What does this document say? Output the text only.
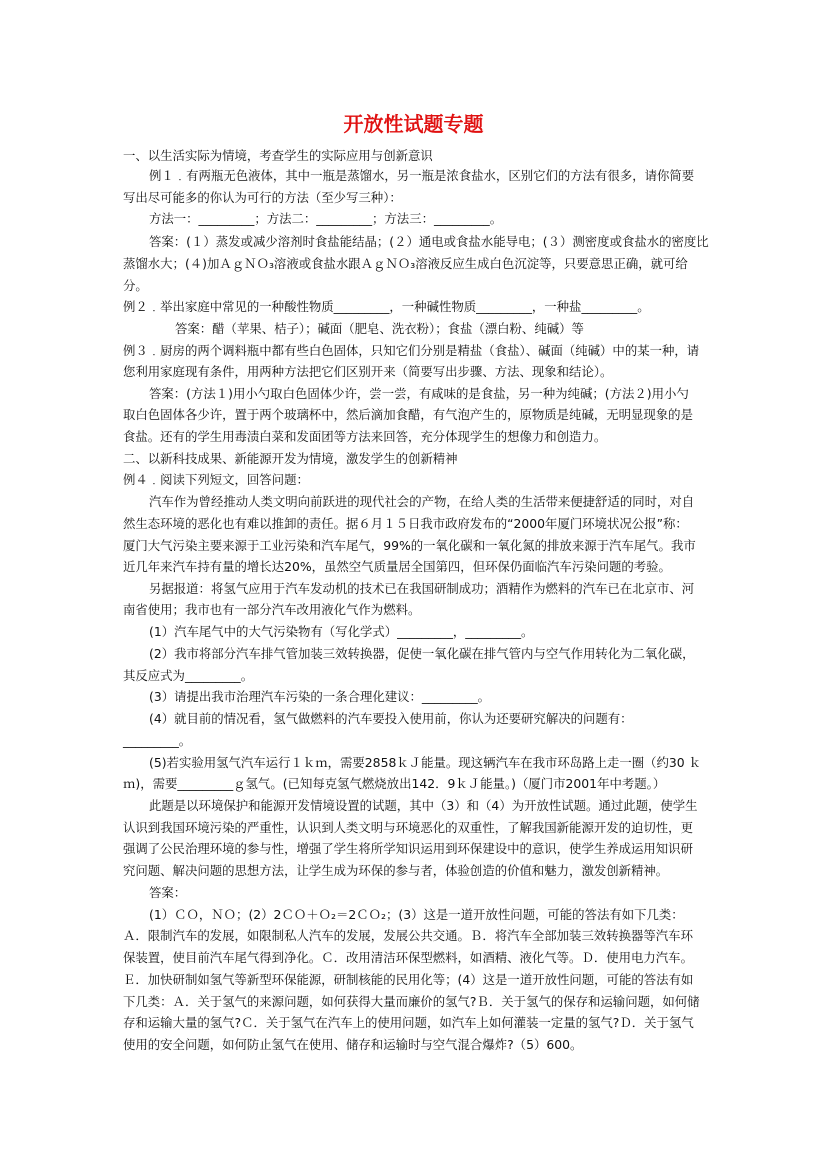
开放性试题专题
一、以生活实际为情境，考查学生的实际应用与创新意识
例１﹒有两瓶无色液体，其中一瓶是蒸馏水，另一瓶是浓食盐水，区别它们的方法有很多，请你简要
写出尽可能多的你认为可行的方法（至少写三种）：
方法一：_________；方法二：_________；方法三：_________。
答案：(１）蒸发或减少溶剂时食盐能结晶；(２）通电或食盐水能导电；(３）测密度或食盐水的密度比
蒸馏水大；(４)加ＡｇＮＯ₃溶液或食盐水跟ＡｇＮＯ₃溶液反应生成白色沉淀等，只要意思正确，就可给
分。
例２﹒举出家庭中常见的一种酸性物质_________，一种碱性物质_________，一种盐_________。
答案：醋（苹果、桔子）；碱面（肥皂、洗衣粉）；食盐（漂白粉、纯碱）等
例３﹒厨房的两个调料瓶中都有些白色固体，只知它们分别是精盐（食盐）、碱面（纯碱）中的某一种，请
您利用家庭现有条件，用两种方法把它们区别开来（简要写出步骤、方法、现象和结论）。
答案：(方法１)用小勺取白色固体少许，尝一尝，有咸味的是食盐，另一种为纯碱；(方法２)用小勺
取白色固体各少许，置于两个玻璃杯中，然后滴加食醋，有气泡产生的，原物质是纯碱，无明显现象的是
食盐。还有的学生用毒渍白菜和发面团等方法来回答，充分体现学生的想像力和创造力。
二、以新科技成果、新能源开发为情境，激发学生的创新精神
例４﹒阅读下列短文，回答问题：
汽车作为曾经推动人类文明向前跃进的现代社会的产物，在给人类的生活带来便捷舒适的同时，对自
然生态环境的恶化也有难以推卸的责任。据６月１５日我市政府发布的“2000年厦门环境状况公报”称：
厦门大气污染主要来源于工业污染和汽车尾气，99%的一氧化碳和一氧化氮的排放来源于汽车尾气。我市
近几年来汽车持有量的增长达20%，虽然空气质量居全国第四，但环保仍面临汽车污染问题的考验。
另据报道：将氢气应用于汽车发动机的技术已在我国研制成功；酒精作为燃料的汽车已在北京市、河
南省使用；我市也有一部分汽车改用液化气作为燃料。
(1）汽车尾气中的大气污染物有（写化学式）_________，_________。
(2）我市将部分汽车排气管加装三效转换器，促使一氧化碳在排气管内与空气作用转化为二氧化碳，
其反应式为_________。
(3）请提出我市治理汽车污染的一条合理化建议：_________。
(4）就目前的情况看，氢气做燃料的汽车要投入使用前，你认为还要研究解决的问题有：
_________。
(5)若实验用氢气汽车运行１ｋｍ，需要2858ｋＪ能量。现这辆汽车在我市环岛路上走一圈（约30 ｋ
ｍ)，需要_________ｇ氢气。(已知每克氢气燃烧放出142．9ｋＪ能量。)（厦门市2001年中考题。）
此题是以环境保护和能源开发情境设置的试题，其中（3）和（4）为开放性试题。通过此题，使学生
认识到我国环境污染的严重性，认识到人类文明与环境恶化的双重性，了解我国新能源开发的迫切性，更
强调了公民治理环境的参与性，增强了学生将所学知识运用到环保建设中的意识，使学生养成运用知识研
究问题、解决问题的思想方法，让学生成为环保的参与者，体验创造的价值和魅力，激发创新精神。
答案：
(1）ＣＯ，ＮＯ；(2）2ＣＯ＋Ｏ₂＝2ＣＯ₂；(3）这是一道开放性问题，可能的答法有如下几类：
Ａ．限制汽车的发展，如限制私人汽车的发展，发展公共交通。Ｂ．将汽车全部加装三效转换器等汽车环
保装置，使目前汽车尾气得到净化。Ｃ．改用清洁环保型燃料，如酒精、液化气等。Ｄ．使用电力汽车。
Ｅ．加快研制如氢气等新型环保能源，研制核能的民用化等；(4）这是一道开放性问题，可能的答法有如
下几类：Ａ．关于氢气的来源问题，如何获得大量而廉价的氢气?Ｂ．关于氢气的保存和运输问题，如何储
存和运输大量的氢气?Ｃ．关于氢气在汽车上的使用问题，如汽车上如何灌装一定量的氢气?Ｄ．关于氢气
使用的安全问题，如何防止氢气在使用、储存和运输时与空气混合爆炸?（5）600。
